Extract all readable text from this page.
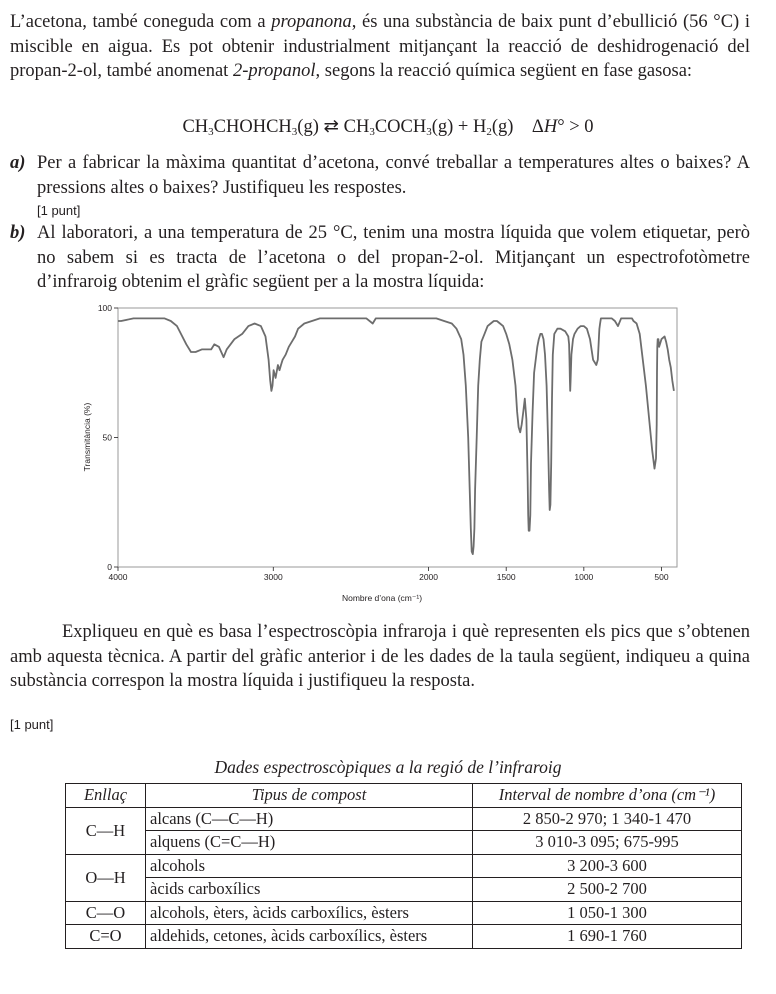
L’acetona, també coneguda com a propanona, és una substància de baix punt d’ebullició (56 °C) i miscible en aigua. Es pot obtenir industrialment mitjançant la reacció de deshidrogenació del propan-2-ol, també anomenat 2-propanol, segons la reacció química següent en fase gasosa:
$CH_3CHOHCH_3(g)$ ⇄ $CH_3COCH_3(g) + H_2(g)$    ΔH° > 0
a) Per a fabricar la màxima quantitat d’acetona, convé treballar a temperatures altes o baixes? A pressions altes o baixes? Justifiqueu les respostes.
[1 punt]
b) Al laboratori, a una temperatura de 25 °C, tenim una mostra líquida que volem etiquetar, però no sabem si es tracta de l’acetona o del propan-2-ol. Mitjançant un espectrofotòmetre d’infraroig obtenim el gràfic següent per a la mostra líquida:
4000	3000	2000	1500	1000	500
0
50
100
Nombre d’ona (cm⁻¹)
Transmitància (%)
Expliqueu en què es basa l’espectroscòpia infraroja i què representen els pics que s’obtenen amb aquesta tècnica. A partir del gràfic anterior i de les dades de la taula següent, indiqueu a quina substància correspon la mostra líquida i justifiqueu la resposta.
[1 punt]
Dades espectroscòpiques a la regió de l’infraroig
Enllaç	Tipus de compost	Interval de nombre d’ona (cm⁻¹)
C—H	alcans (C—C—H)	2 850-2 970; 1 340-1 470
	alquens (C=C—H)	3 010-3 095; 675-995
O—H	alcohols	3 200-3 600
	àcids carboxílics	2 500-2 700
C—O	alcohols, èters, àcids carboxílics, èsters	1 050-1 300
C=O	aldehids, cetones, àcids carboxílics, èsters	1 690-1 760
